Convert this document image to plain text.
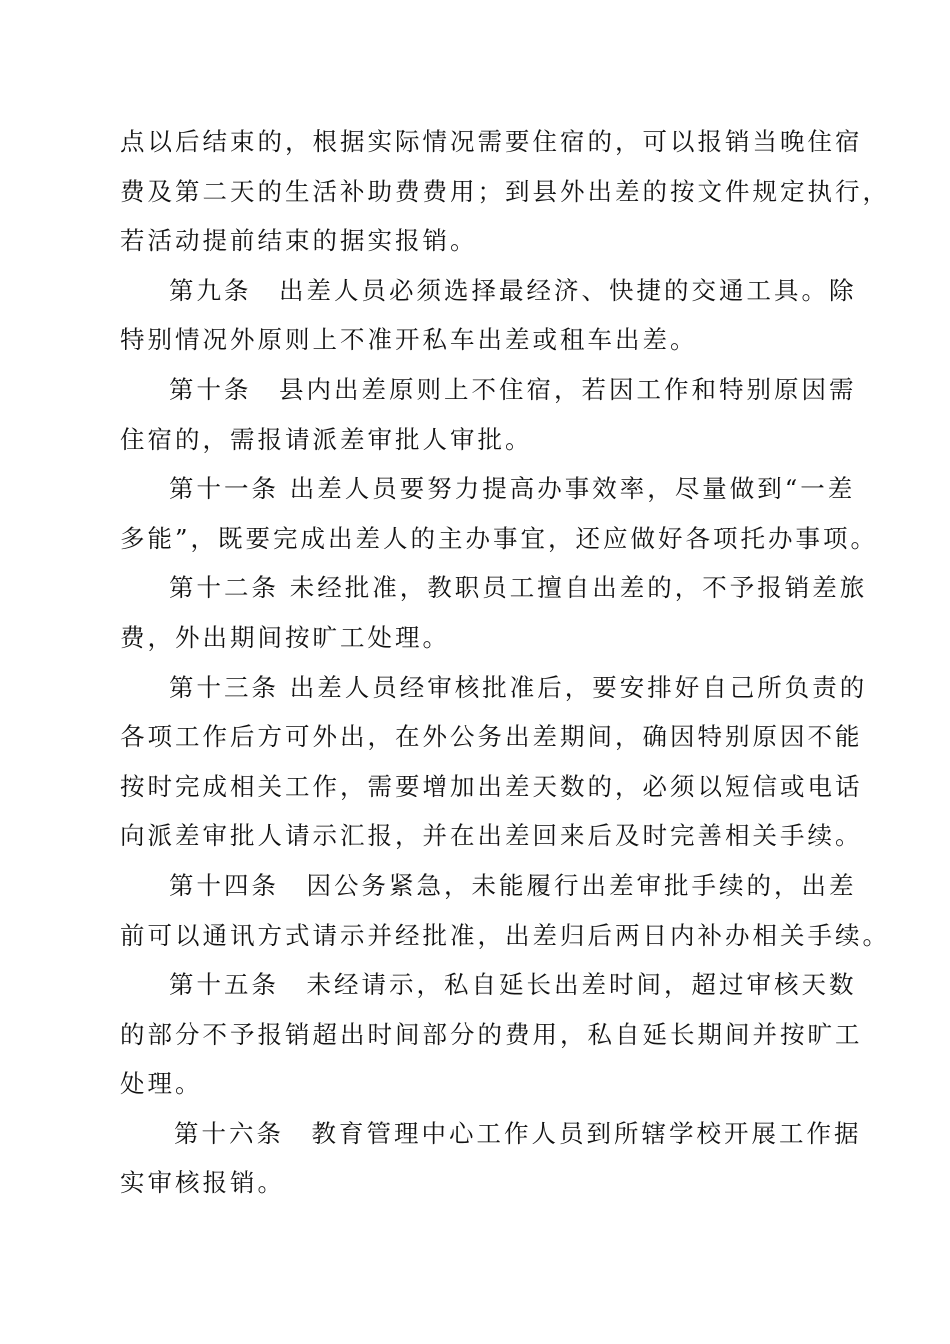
点以后结束的，根据实际情况需要住宿的，可以报销当晚住宿
费及第二天的生活补助费费用；到县外出差的按文件规定执行，
若活动提前结束的据实报销。
第九条　出差人员必须选择最经济、快捷的交通工具。除
特别情况外原则上不准开私车出差或租车出差。
第十条　县内出差原则上不住宿，若因工作和特别原因需
住宿的，需报请派差审批人审批。
第十一条 出差人员要努力提高办事效率，尽量做到“一差
多能”，既要完成出差人的主办事宜，还应做好各项托办事项。
第十二条 未经批准，教职员工擅自出差的，不予报销差旅
费，外出期间按旷工处理。
第十三条 出差人员经审核批准后，要安排好自己所负责的
各项工作后方可外出，在外公务出差期间，确因特别原因不能
按时完成相关工作，需要增加出差天数的，必须以短信或电话
向派差审批人请示汇报，并在出差回来后及时完善相关手续。
第十四条　因公务紧急，未能履行出差审批手续的，出差
前可以通讯方式请示并经批准，出差归后两日内补办相关手续。
第十五条　未经请示，私自延长出差时间，超过审核天数
的部分不予报销超出时间部分的费用，私自延长期间并按旷工
处理。
第十六条　教育管理中心工作人员到所辖学校开展工作据
实审核报销。
